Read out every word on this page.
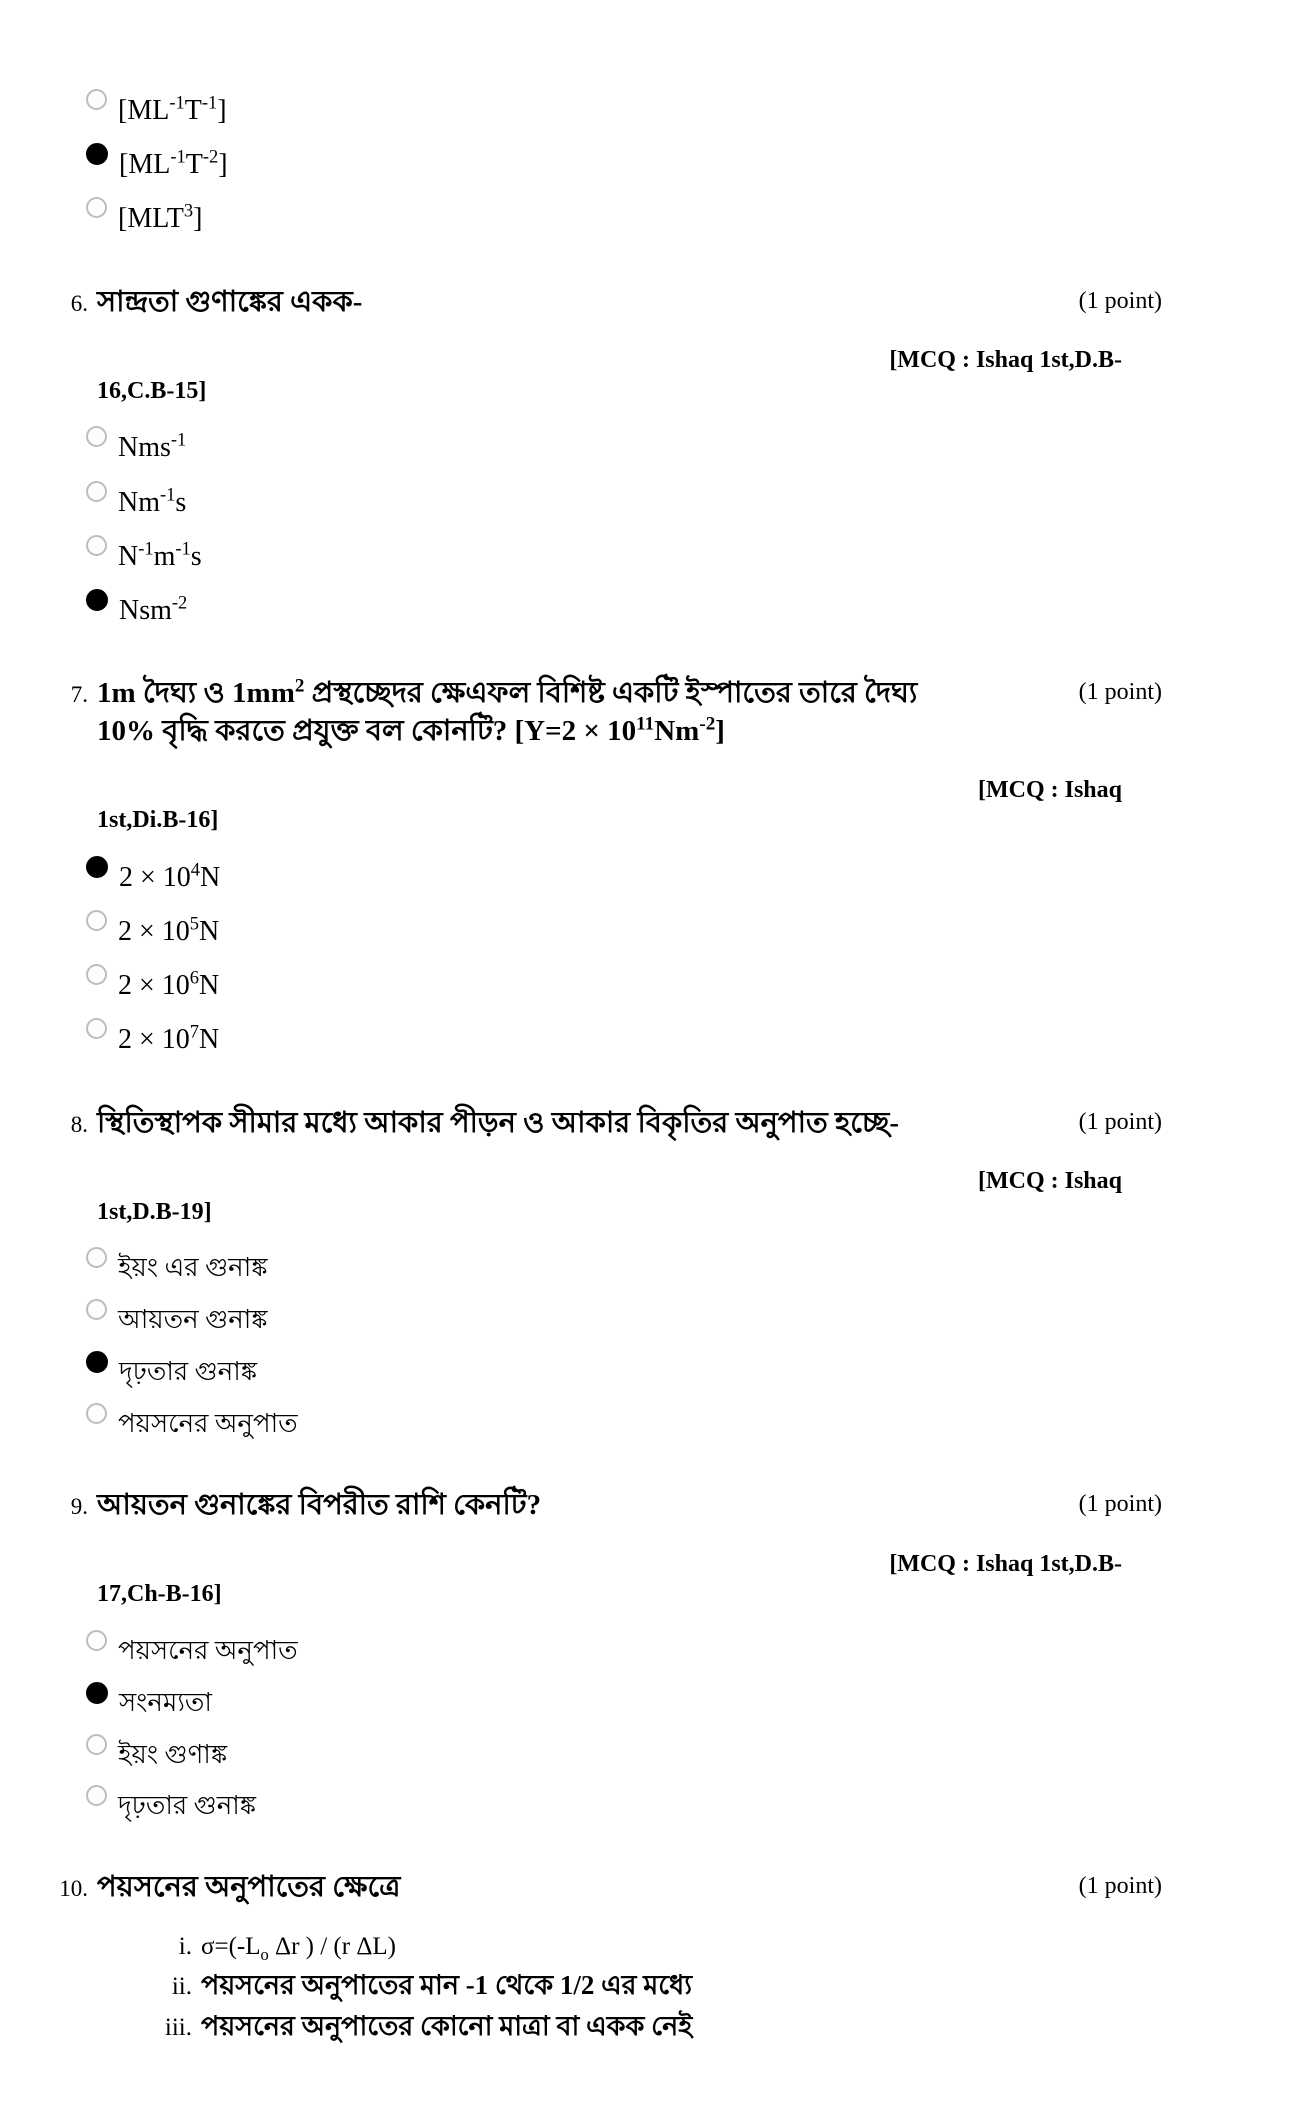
$[ML^{-1}T^{-1}]$
$[ML^{-1}T^{-2}]$
[MLT$^3$]
6. সান্দ্রতা গুণাঙ্কের একক-	(1 point)
[MCQ : Ishaq 1st,D.B-
16,C.B-15]
Nms$^{-1}$
$Nm^{-1}s$
$N^{-1}m^{-1}s$
Nsm$^{-2}$
7. 1m দৈঘ্য ও $1mm^2$ প্রস্থচ্ছেদর ক্ষেএফল বিশিষ্ট একটি ইস্পাতের তারে দৈঘ্য 10% বৃদ্ধি করতে প্রযুক্ত বল কোনটি? $[Y=2 \times 10^{11}Nm^{-2}]$
(1 point)
[MCQ : Ishaq
1st,Di.B-16]
$2 \times 10^4N$
$2 \times 10^5N$
$2 \times 10^6N$
$2 \times 10^7N$
8. স্থিতিস্থাপক সীমার মধ্যে আকার পীড়ন ও আকার বিকৃতির অনুপাত হচ্ছে-	(1 point)
[MCQ : Ishaq
1st,D.B-19]
ইয়ং এর গুনাঙ্ক
আয়তন গুনাঙ্ক
দৃঢ়তার গুনাঙ্ক
পয়সনের অনুপাত
9. আয়তন গুনাঙ্কের বিপরীত রাশি কেনটি?	(1 point)
[MCQ : Ishaq 1st,D.B-
17,Ch-B-16]
পয়সনের অনুপাত
সংনম্যতা
ইয়ং গুণাঙ্ক
দৃঢ়তার গুনাঙ্ক
10. পয়সনের অনুপাতের ক্ষেত্রে	(1 point)
i. $\sigma=(-L_o$ Δr ) / (r ΔL)
ii. পয়সনের অনুপাতের মান -1 থেকে 1/2 এর মধ্যে
iii. পয়সনের অনুপাতের কোনো মাত্রা বা একক নেই
